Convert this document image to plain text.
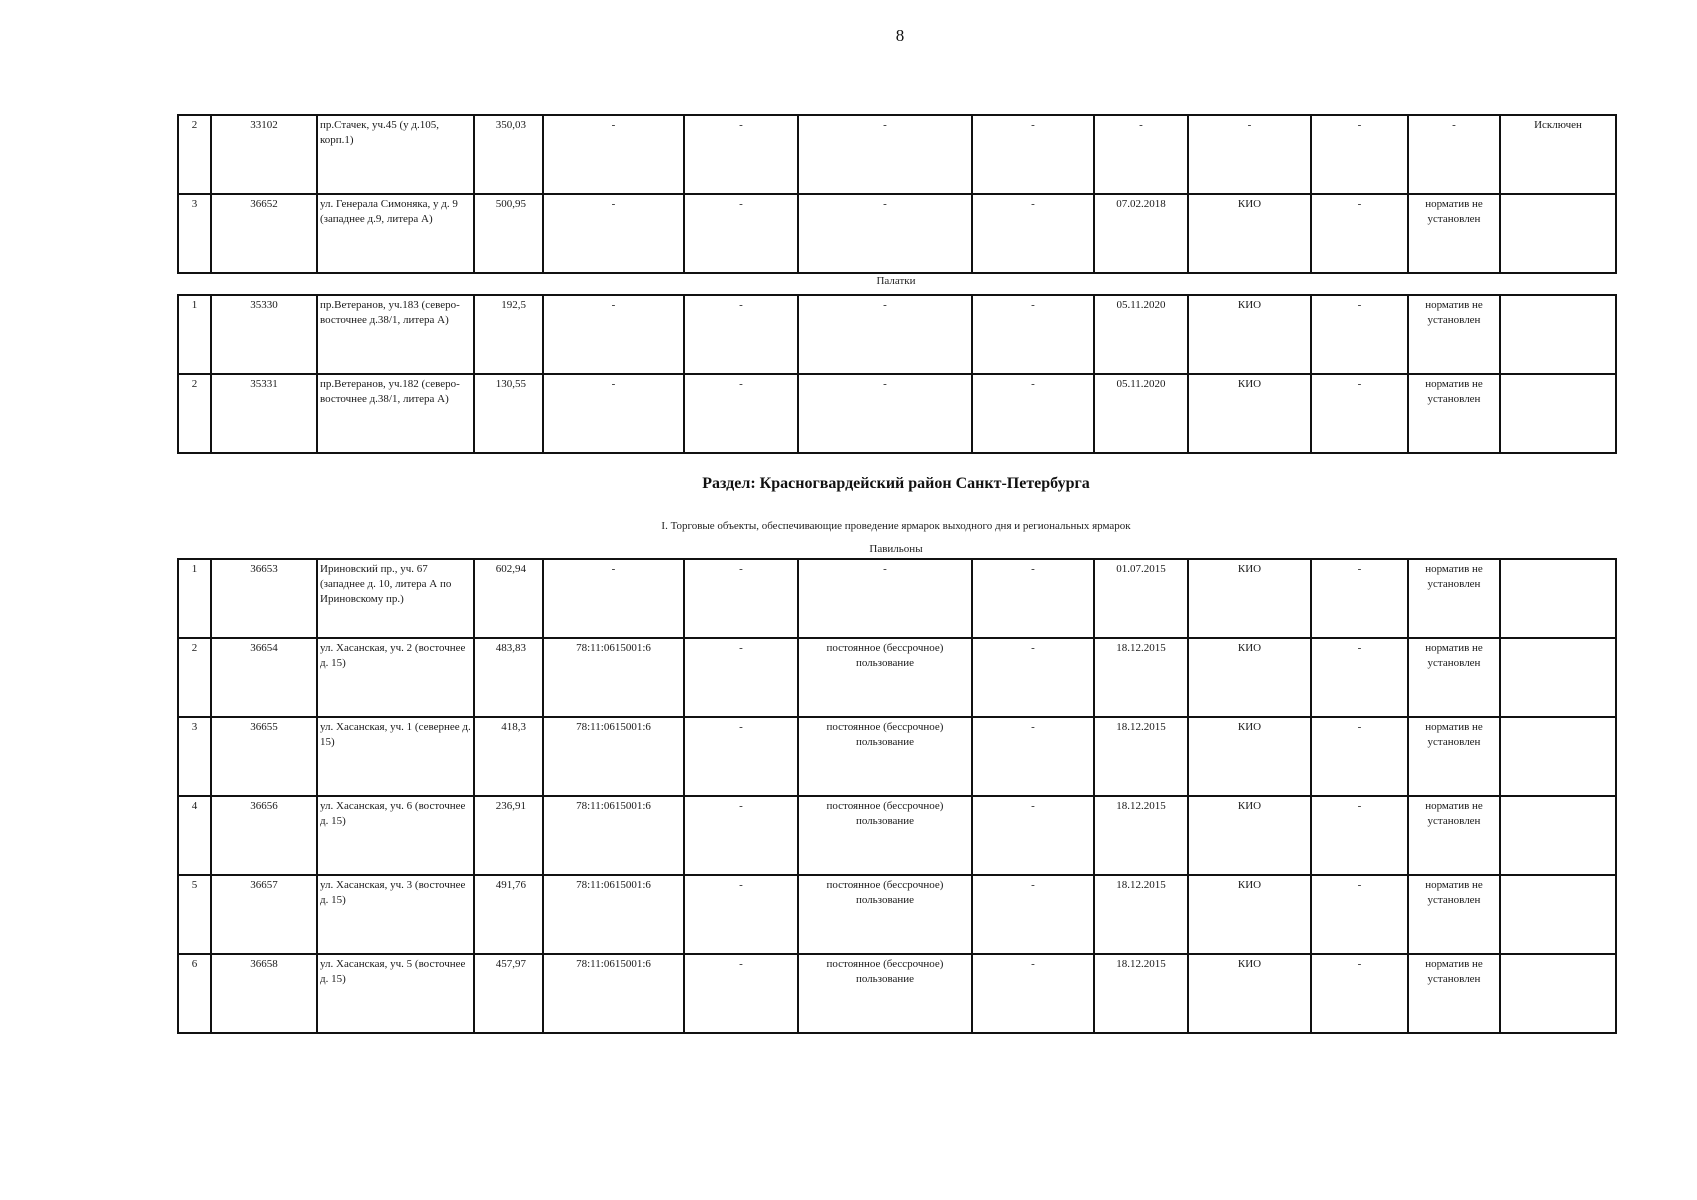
8
2	33102	пр.Стачек, уч.45 (у д.105, корп.1)	350,03	-	-	-	-	-	-	-	-	Исключен
3	36652	ул. Генерала Симоняка, у д. 9 (западнее д.9, литера А)	500,95	-	-	-	-	07.02.2018	КИО	-	норматив не установлен	
Палатки
1	35330	пр.Ветеранов, уч.183 (северо-восточнее д.38/1, литера А)	192,5	-	-	-	-	05.11.2020	КИО	-	норматив не установлен	
2	35331	пр.Ветеранов, уч.182 (северо-восточнее д.38/1, литера А)	130,55	-	-	-	-	05.11.2020	КИО	-	норматив не установлен	
Раздел: Красногвардейский район Санкт-Петербурга
I. Торговые объекты, обеспечивающие проведение ярмарок выходного дня и региональных ярмарок
Павильоны
1	36653	Ириновский пр., уч. 67 (западнее д. 10, литера А по Ириновскому пр.)	602,94	-	-	-	-	01.07.2015	КИО	-	норматив не установлен	
2	36654	ул. Хасанская, уч. 2 (восточнее д. 15)	483,83	78:11:0615001:6	-	постоянное (бессрочное) пользование	-	18.12.2015	КИО	-	норматив не установлен	
3	36655	ул. Хасанская, уч. 1 (севернее д. 15)	418,3	78:11:0615001:6	-	постоянное (бессрочное) пользование	-	18.12.2015	КИО	-	норматив не установлен	
4	36656	ул. Хасанская, уч. 6 (восточнее д. 15)	236,91	78:11:0615001:6	-	постоянное (бессрочное) пользование	-	18.12.2015	КИО	-	норматив не установлен	
5	36657	ул. Хасанская, уч. 3 (восточнее д. 15)	491,76	78:11:0615001:6	-	постоянное (бессрочное) пользование	-	18.12.2015	КИО	-	норматив не установлен	
6	36658	ул. Хасанская, уч. 5 (восточнее д. 15)	457,97	78:11:0615001:6	-	постоянное (бессрочное) пользование	-	18.12.2015	КИО	-	норматив не установлен	
